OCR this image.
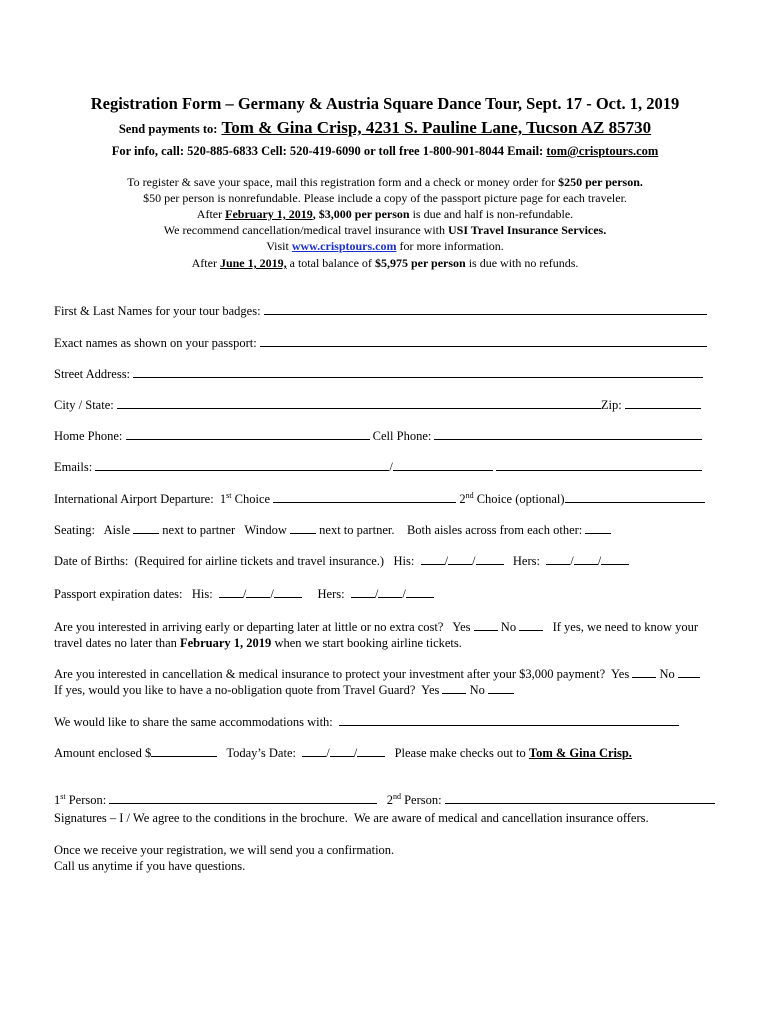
Registration Form – Germany & Austria Square Dance Tour, Sept. 17 - Oct. 1, 2019
Send payments to: Tom & Gina Crisp, 4231 S. Pauline Lane, Tucson AZ 85730
For info, call: 520-885-6833 Cell: 520-419-6090 or toll free 1-800-901-8044 Email: tom@crisptours.com
To register & save your space, mail this registration form and a check or money order for $250 per person.
$50 per person is nonrefundable. Please include a copy of the passport picture page for each traveler.
After February 1, 2019, $3,000 per person is due and half is non-refundable.
We recommend cancellation/medical travel insurance with USI Travel Insurance Services.
Visit www.crisptours.com for more information.
After June 1, 2019, a total balance of $5,975 per person is due with no refunds.
First & Last Names for your tour badges:
Exact names as shown on your passport:
Street Address:
City / State:	Zip:
Home Phone:	Cell Phone:
Emails:	/
International Airport Departure:  1st Choice	2nd Choice (optional)
Seating:   Aisle  next to partner   Window  next to partner.    Both aisles across from each other:
Date of Births:  (Required for airline tickets and travel insurance.)   His:  / /   Hers:  / /
Passport expiration dates:   His:  / /     Hers:  / /
Are you interested in arriving early or departing later at little or no extra cost?   Yes  No    If yes, we need to know your
travel dates no later than February 1, 2019 when we start booking airline tickets.
Are you interested in cancellation & medical insurance to protect your investment after your $3,000 payment?  Yes  No
If yes, would you like to have a no-obligation quote from Travel Guard?  Yes  No
We would like to share the same accommodations with:
Amount enclosed $	Today’s Date:  / /   Please make checks out to Tom & Gina Crisp.
1st Person:	2nd Person:
Signatures – I / We agree to the conditions in the brochure.  We are aware of medical and cancellation insurance offers.
Once we receive your registration, we will send you a confirmation.
Call us anytime if you have questions.
